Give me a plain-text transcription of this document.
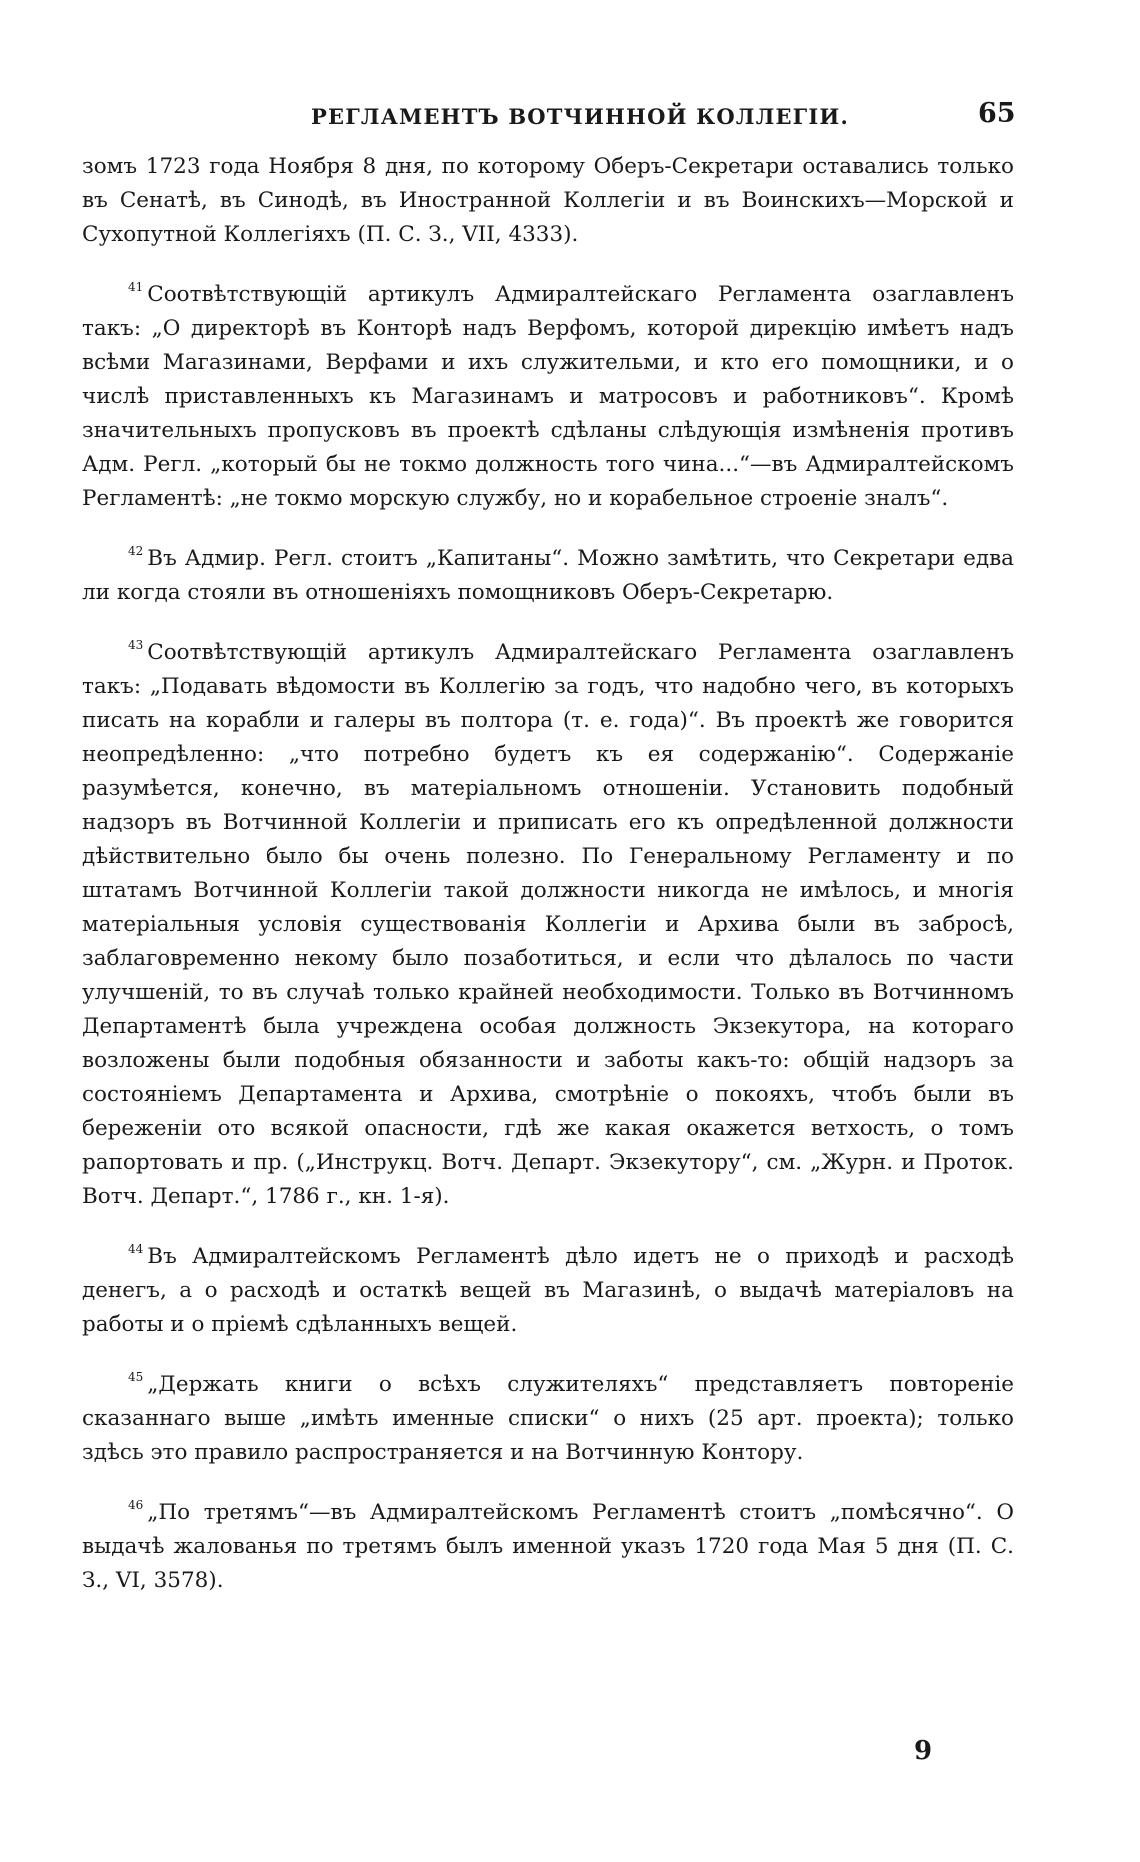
РЕГЛАМЕНТЪ ВОТЧИННОЙ КОЛЛЕГІИ.	65

зомъ 1723 года Ноября 8 дня, по которому Оберъ-Секретари оставались только въ Сенатѣ, въ Синодѣ, въ Иностранной Коллегіи и въ Воинскихъ—Морской и Сухопутной Коллегіяхъ (П. С. З., VII, 4333).

$^{41}$ Соотвѣтствующій артикулъ Адмиралтейскаго Регламента озаглавленъ такъ: „О директорѣ въ Конторѣ надъ Верфомъ, которой дирекцію имѣетъ надъ всѣми Магазинами, Верфами и ихъ служительми, и кто его помощники, и о числѣ приставленныхъ къ Магазинамъ и матросовъ и работниковъ“. Кромѣ значительныхъ пропусковъ въ проектѣ сдѣланы слѣдующія измѣненія противъ Адм. Регл. „который бы не токмо должность того чина...“—въ Адмиралтейскомъ Регламентѣ: „не токмо морскую службу, но и корабельное строеніе зналъ“.

$^{42}$ Въ Адмир. Регл. стоитъ „Капитаны“. Можно замѣтить, что Секретари едва ли когда стояли въ отношеніяхъ помощниковъ Оберъ-Секретарю.

$^{43}$ Соотвѣтствующій артикулъ Адмиралтейскаго Регламента озаглавленъ такъ: „Подавать вѣдомости въ Коллегію за годъ, что надобно чего, въ которыхъ писать на корабли и галеры въ полтора (т. е. года)“. Въ проектѣ же говорится неопредѣленно: „что потребно будетъ къ ея содержанію“. Содержаніе разумѣется, конечно, въ матеріальномъ отношеніи. Установить подобный надзоръ въ Вотчинной Коллегіи и приписать его къ опредѣленной должности дѣйствительно было бы очень полезно. По Генеральному Регламенту и по штатамъ Вотчинной Коллегіи такой должности никогда не имѣлось, и многія матеріальныя условія существованія Коллегіи и Архива были въ забросѣ, заблаговременно некому было позаботиться, и если что дѣлалось по части улучшеній, то въ случаѣ только крайней необходимости. Только въ Вотчинномъ Департаментѣ была учреждена особая должность Экзекутора, на котораго возложены были подобныя обязанности и заботы какъ-то: общій надзоръ за состояніемъ Департамента и Архива, смотрѣніе о покояхъ, чтобъ были въ береженіи ото всякой опасности, гдѣ же какая окажется ветхость, о томъ рапортовать и пр. („Инструкц. Вотч. Департ. Экзекутору“, см. „Журн. и Проток. Вотч. Департ.“, 1786 г., кн. 1-я).

$^{44}$ Въ Адмиралтейскомъ Регламентѣ дѣло идетъ не о приходѣ и расходѣ денегъ, а о расходѣ и остаткѣ вещей въ Магазинѣ, о выдачѣ матеріаловъ на работы и о пріемѣ сдѣланныхъ вещей.

$^{45}$ „Держать книги о всѣхъ служителяхъ“ представляетъ повтореніе сказаннаго выше „имѣть именные списки“ о нихъ (25 арт. проекта); только здѣсь это правило распространяется и на Вотчинную Контору.

$^{46}$ „По третямъ“—въ Адмиралтейскомъ Регламентѣ стоитъ „помѣсячно“. О выдачѣ жалованья по третямъ былъ именной указъ 1720 года Мая 5 дня (П. С. З., VI, 3578).

9
